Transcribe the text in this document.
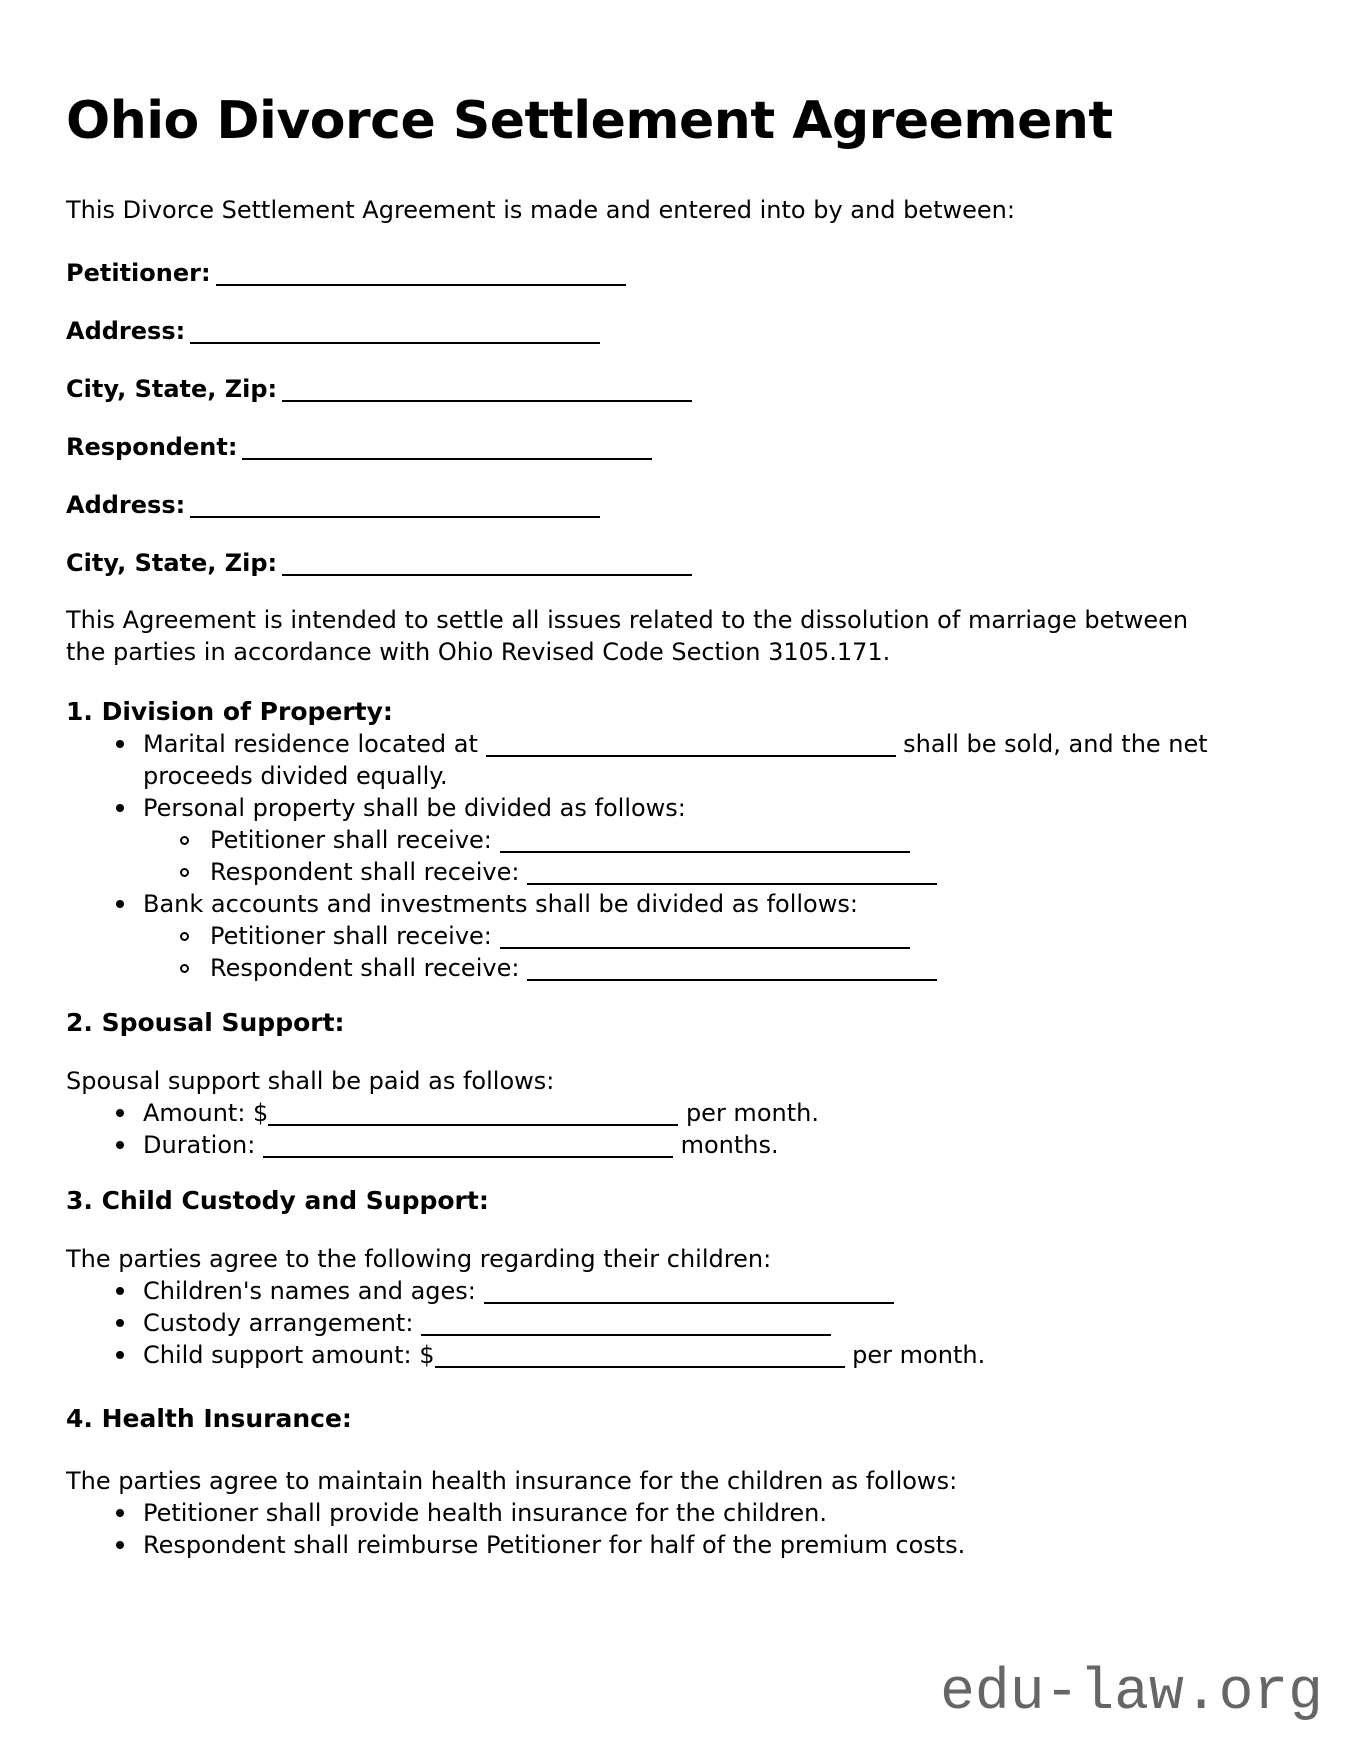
Ohio Divorce Settlement Agreement

This Divorce Settlement Agreement is made and entered into by and between:

Petitioner:
Address:
City, State, Zip:
Respondent:
Address:
City, State, Zip:

This Agreement is intended to settle all issues related to the dissolution of marriage between the parties in accordance with Ohio Revised Code Section 3105.171.

1. Division of Property:
Marital residence located at	shall be sold, and the net proceeds divided equally.
Personal property shall be divided as follows:
Petitioner shall receive:
Respondent shall receive:
Bank accounts and investments shall be divided as follows:
Petitioner shall receive:
Respondent shall receive:
2. Spousal Support:

Spousal support shall be paid as follows:

Amount: $	per month.
Duration:	months.
3. Child Custody and Support:

The parties agree to the following regarding their children:

Children's names and ages:
Custody arrangement:
Child support amount: $	per month.
4. Health Insurance:

The parties agree to maintain health insurance for the children as follows:

Petitioner shall provide health insurance for the children.
Respondent shall reimburse Petitioner for half of the premium costs.
edu-law.org
